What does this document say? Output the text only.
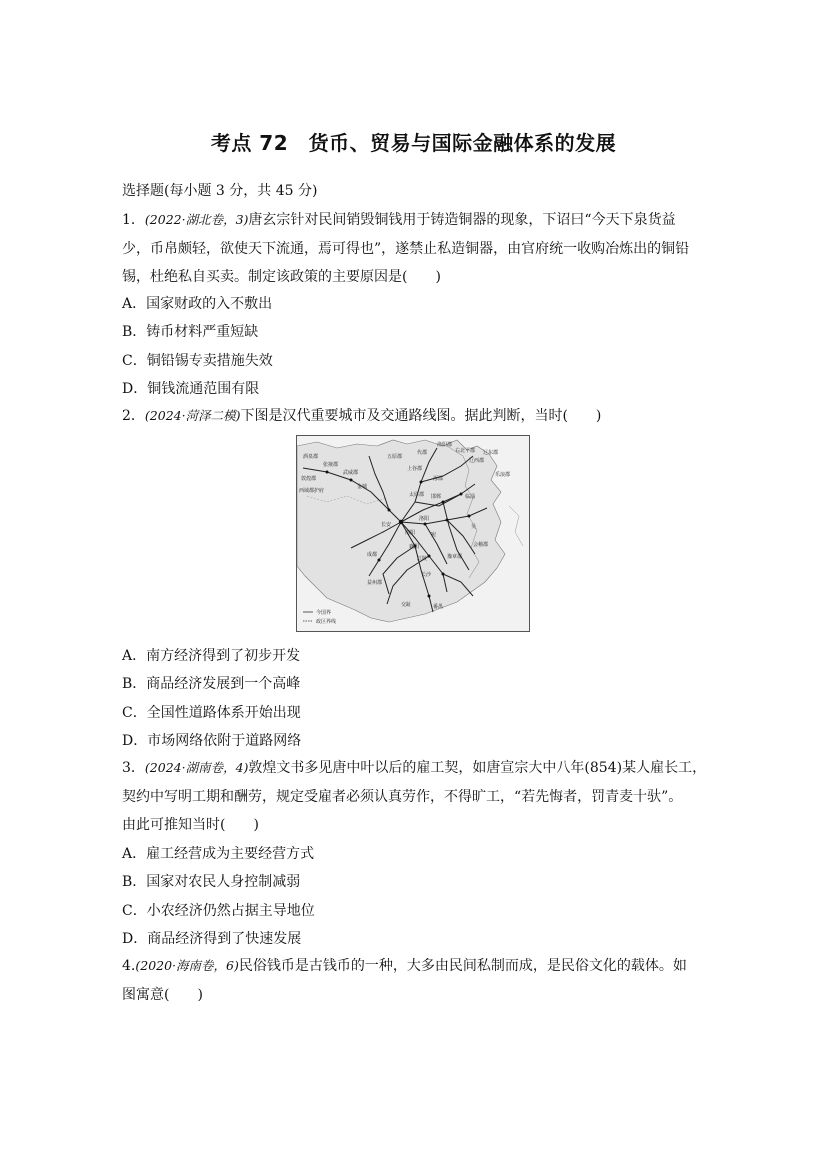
考点 72　货币、贸易与国际金融体系的发展
选择题(每小题 3 分，共 45 分)
1．(2022·湖北卷，3)唐玄宗针对民间销毁铜钱用于铸造铜器的现象，下诏曰“今天下泉货益
少，币帛颇轻，欲使天下流通，焉可得也”，遂禁止私造铜器，由官府统一收购冶炼出的铜铅
锡，杜绝私自买卖。制定该政策的主要原因是(　　)
A．国家财政的入不敷出
B．铸币材料严重短缺
C．铜铅锡专卖措施失效
D．铜钱流通范围有限
2．(2024·菏泽二模)下图是汉代重要城市及交通路线图。据此判断，当时(　　)
酒泉郡
敦煌郡
张掖郡
武威郡
西域都护府
金城
五原郡
代郡
渔阳郡
右北平郡
辽西郡
辽东郡
乐浪郡
上谷郡
涿郡
太原郡 邯郸	临淄
洛阳
长安
宛
南阳
江陵
襄阳
成都
吴
番禺
长沙
豫章郡
会稽郡
益州郡
交趾
今国界
政区界线
A．南方经济得到了初步开发
B．商品经济发展到一个高峰
C．全国性道路体系开始出现
D．市场网络依附于道路网络
3．(2024·湖南卷，4)敦煌文书多见唐中叶以后的雇工契，如唐宣宗大中八年(854)某人雇长工，
契约中写明工期和酬劳，规定受雇者必须认真劳作，不得旷工，“若先悔者，罚青麦十驮”。
由此可推知当时(　　)
A．雇工经营成为主要经营方式
B．国家对农民人身控制减弱
C．小农经济仍然占据主导地位
D．商品经济得到了快速发展
4.(2020·海南卷，6)民俗钱币是古钱币的一种，大多由民间私制而成，是民俗文化的载体。如
图寓意(　　)
